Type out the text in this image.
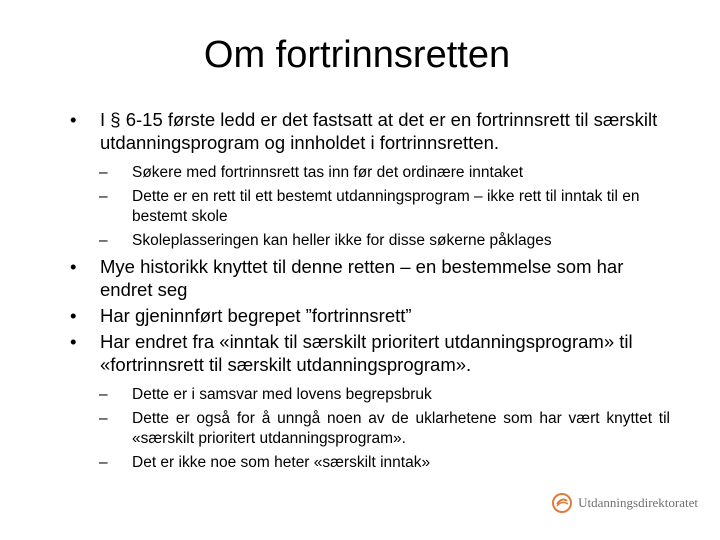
Om fortrinnsretten
•	I § 6-15 første ledd er det fastsatt at det er en fortrinnsrett til særskilt utdanningsprogram og innholdet i fortrinnsretten.
– Søkere med fortrinnsrett tas inn før det ordinære inntaket
– Dette er en rett til ett bestemt utdanningsprogram – ikke rett til inntak til en bestemt skole
– Skoleplasseringen kan heller ikke for disse søkerne påklages
•	Mye historikk knyttet til denne retten – en bestemmelse som har endret seg
•	Har gjeninnført begrepet ”fortrinnsrett”
•	Har endret fra «inntak til særskilt prioritert utdanningsprogram» til «fortrinnsrett til særskilt utdanningsprogram».
– Dette er i samsvar med lovens begrepsbruk
– Dette er også for å unngå noen av de uklarhetene som har vært knyttet til «særskilt prioritert utdanningsprogram».
– Det er ikke noe som heter «særskilt inntak»
Utdanningsdirektoratet
